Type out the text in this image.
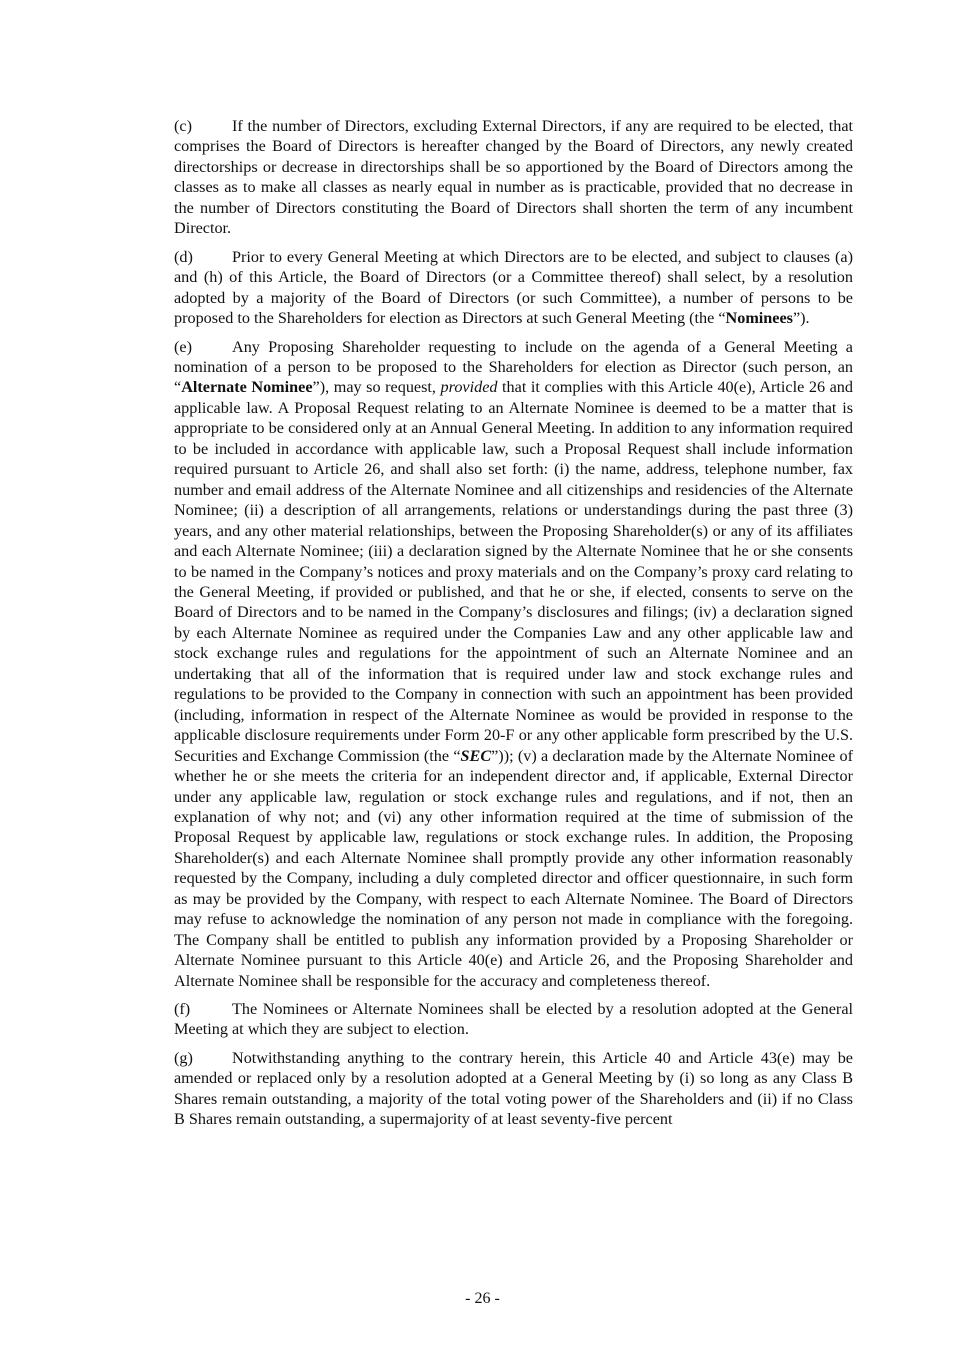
(c) If the number of Directors, excluding External Directors, if any are required to be elected, that comprises the Board of Directors is hereafter changed by the Board of Directors, any newly created directorships or decrease in directorships shall be so apportioned by the Board of Directors among the classes as to make all classes as nearly equal in number as is practicable, provided that no decrease in the number of Directors constituting the Board of Directors shall shorten the term of any incumbent Director.

(d) Prior to every General Meeting at which Directors are to be elected, and subject to clauses (a) and (h) of this Article, the Board of Directors (or a Committee thereof) shall select, by a resolution adopted by a majority of the Board of Directors (or such Committee), a number of persons to be proposed to the Shareholders for election as Directors at such General Meeting (the “Nominees”).

(e) Any Proposing Shareholder requesting to include on the agenda of a General Meeting a nomination of a person to be proposed to the Shareholders for election as Director (such person, an “Alternate Nominee”), may so request, provided that it complies with this Article 40(e), Article 26 and applicable law. A Proposal Request relating to an Alternate Nominee is deemed to be a matter that is appropriate to be considered only at an Annual General Meeting. In addition to any information required to be included in accordance with applicable law, such a Proposal Request shall include information required pursuant to Article 26, and shall also set forth: (i) the name, address, telephone number, fax number and email address of the Alternate Nominee and all citizenships and residencies of the Alternate Nominee; (ii) a description of all arrangements, relations or understandings during the past three (3) years, and any other material relationships, between the Proposing Shareholder(s) or any of its affiliates and each Alternate Nominee; (iii) a declaration signed by the Alternate Nominee that he or she consents to be named in the Company’s notices and proxy materials and on the Company’s proxy card relating to the General Meeting, if provided or published, and that he or she, if elected, consents to serve on the Board of Directors and to be named in the Company’s disclosures and filings; (iv) a declaration signed by each Alternate Nominee as required under the Companies Law and any other applicable law and stock exchange rules and regulations for the appointment of such an Alternate Nominee and an undertaking that all of the information that is required under law and stock exchange rules and regulations to be provided to the Company in connection with such an appointment has been provided (including, information in respect of the Alternate Nominee as would be provided in response to the applicable disclosure requirements under Form 20-F or any other applicable form prescribed by the U.S. Securities and Exchange Commission (the “SEC”)); (v) a declaration made by the Alternate Nominee of whether he or she meets the criteria for an independent director and, if applicable, External Director under any applicable law, regulation or stock exchange rules and regulations, and if not, then an explanation of why not; and (vi) any other information required at the time of submission of the Proposal Request by applicable law, regulations or stock exchange rules. In addition, the Proposing Shareholder(s) and each Alternate Nominee shall promptly provide any other information reasonably requested by the Company, including a duly completed director and officer questionnaire, in such form as may be provided by the Company, with respect to each Alternate Nominee. The Board of Directors may refuse to acknowledge the nomination of any person not made in compliance with the foregoing. The Company shall be entitled to publish any information provided by a Proposing Shareholder or Alternate Nominee pursuant to this Article 40(e) and Article 26, and the Proposing Shareholder and Alternate Nominee shall be responsible for the accuracy and completeness thereof.

(f)	The Nominees or Alternate Nominees shall be elected by a resolution adopted at the General Meeting at which they are subject to election.

(g) Notwithstanding anything to the contrary herein, this Article 40 and Article 43(e) may be amended or replaced only by a resolution adopted at a General Meeting by (i) so long as any Class B Shares remain outstanding, a majority of the total voting power of the Shareholders and (ii) if no Class B Shares remain outstanding, a supermajority of at least seventy-five percent

- 26 -
